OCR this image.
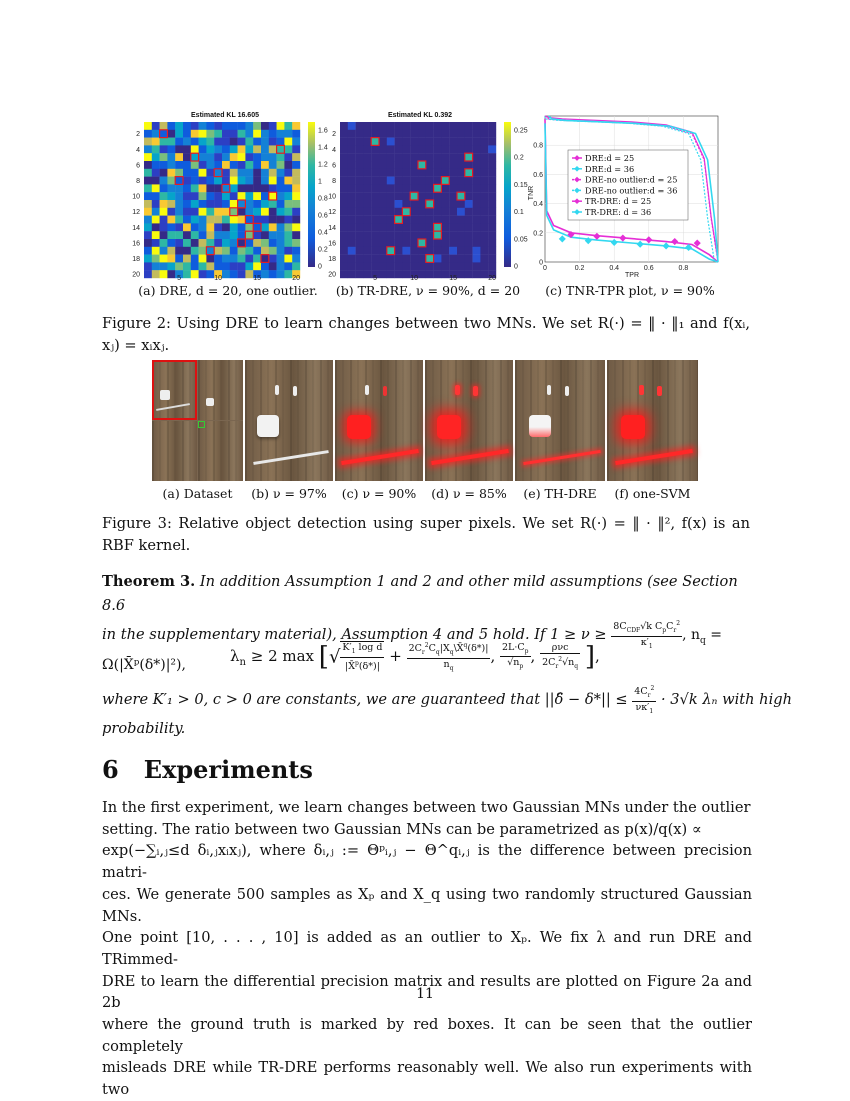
Estimated KL 16.605
2
4
6
8
10
12
14
16
18
20	5	10	15	20
1.6
1.4
1.2
1
0.8
0.6
0.4
0.2
0
Estimated KL 0.392
2
4
6
8
10
12
14
16
18
20	5	10	15	20
0.25
0.2
0.15
0.1
0.05
0	0	0.2	0.4	0.6	0.8
0
0.2
0.4
0.6
0.8
TPR
TNR
DRE:d = 25
DRE:d = 36
DRE-no outlier:d = 25
DRE-no outlier:d = 36
TR-DRE: d = 25
TR-DRE: d = 36
(a) DRE, d = 20, one outlier.	(b) TR-DRE, ν = 90%, d = 20	(c) TNR-TPR plot, ν = 90%
Figure 2: Using DRE to learn changes between two MNs. We set R(·) = ‖ · ‖₁ and f(xᵢ, xⱼ) = xᵢxⱼ.
(a) Dataset	(b) ν = 97%	(c) ν = 90%	(d) ν = 85%	(e) TH-DRE	(f) one-SVM
Figure 3: Relative object detection using super pixels. We set R(·) = ‖ · ‖², f(x) is an RBF kernel.
Theorem 3. In addition Assumption 1 and 2 and other mild assumptions (see Section 8.6
in the supplementary material), Assumption 4 and 5 hold. If $1 \ge \nu \ge \frac{8C_{CDF}√k C_pC_r^2}{\kappa'_1}$ , $n_q$ =
Ω(|X̄ᵖ(δ*)|²),	$\lambda_n \ge 2$ max [√ $\frac{K'_1 \log d}{|X̄^p(\delta*)|} + \frac{2C_r^2C_q|X_q\backslash X̄^q(\delta*)|}{n_q}$ , $\frac{2L\cdot C_p}{√n_p}$ , $\frac{\text{ρνc}}{2C_r^2√n_q}$ ],
where K′₁ > 0, c > 0 are constants, we are guaranteed that ||δ̂ − $\delta*|| \le \frac{4C_r^2}{\nu\kappa'_1} \cdot 3√k$ λₙ with high
probability.
6 Experiments
In the first experiment, we learn changes between two Gaussian MNs under the outlier
setting. The ratio between two Gaussian MNs can be parametrized as p(x)/q(x) ∝
exp(−∑ᵢ,ⱼ≤d δᵢ,ⱼxᵢxⱼ), where δᵢ,ⱼ := Θᵖᵢ,ⱼ − Θ^qᵢ,ⱼ is the difference between precision matri-
ces. We generate 500 samples as Xₚ and X_q using two randomly structured Gaussian MNs.
One point [10, . . . , 10] is added as an outlier to Xₚ. We fix λ and run DRE and TRimmed-
DRE to learn the differential precision matrix and results are plotted on Figure 2a and 2b
where the ground truth is marked by red boxes. It can be seen that the outlier completely
misleads DRE while TR-DRE performs reasonably well. We also run experiments with two
11
